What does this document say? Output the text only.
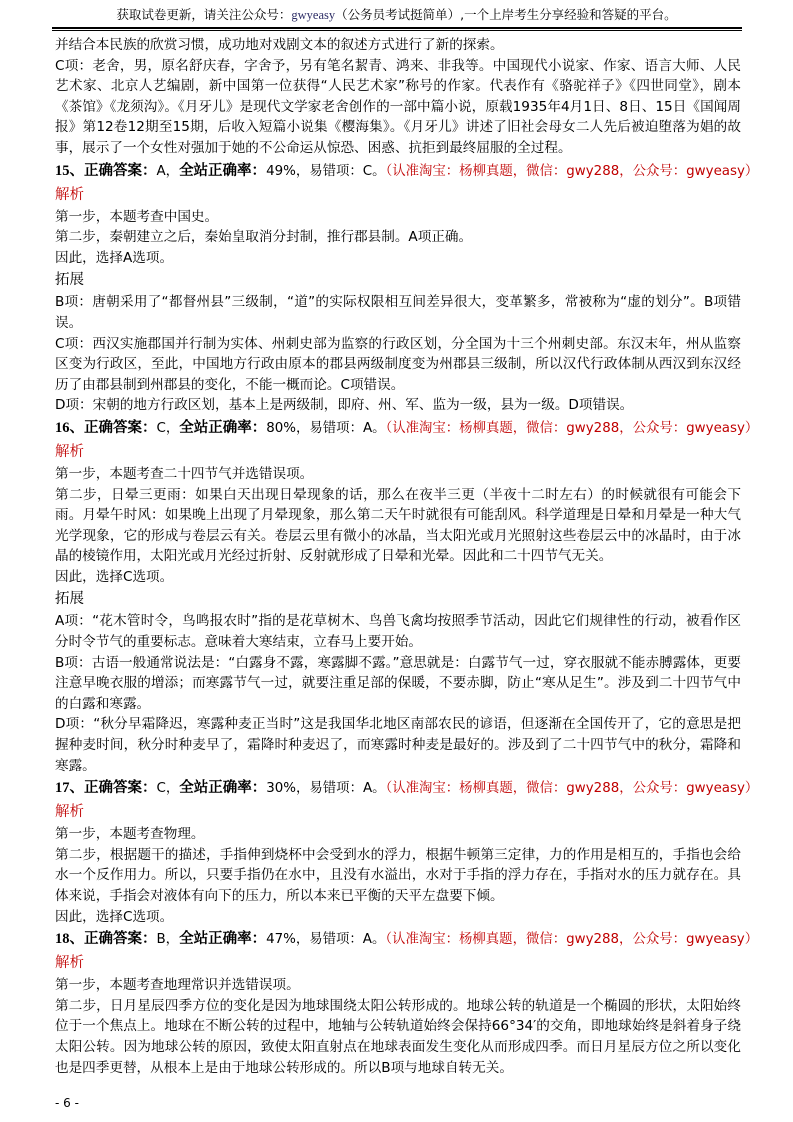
获取试卷更新，请关注公众号：gwyeasy（公务员考试挺简单）,一个上岸考生分享经验和答疑的平台。
并结合本民族的欣赏习惯，成功地对戏剧文本的叙述方式进行了新的探索。
C项：老舍，男，原名舒庆春，字舍予，另有笔名絜青、鸿来、非我等。中国现代小说家、作家、语言大师、人民艺术家、北京人艺编剧，新中国第一位获得“人民艺术家”称号的作家。代表作有《骆驼祥子》《四世同堂》，剧本《茶馆》《龙须沟》。《月牙儿》是现代文学家老舍创作的一部中篇小说，原载1935年4月1日、8日、15日《国闻周报》第12卷12期至15期，后收入短篇小说集《樱海集》。《月牙儿》讲述了旧社会母女二人先后被迫堕落为娼的故事，展示了一个女性对强加于她的不公命运从惊恐、困惑、抗拒到最终屈服的全过程。
15、正确答案：A，全站正确率：49%，易错项：C。（认准淘宝：杨柳真题，微信：gwy288，公众号：gwyeasy）
解析
第一步，本题考查中国史。
第二步，秦朝建立之后，秦始皇取消分封制，推行郡县制。A项正确。
因此，选择A选项。
拓展
B项：唐朝采用了“都督州县”三级制，“道”的实际权限相互间差异很大，变革繁多，常被称为“虚的划分”。B项错误。
C项：西汉实施郡国并行制为实体、州刺史部为监察的行政区划，分全国为十三个州刺史部。东汉末年，州从监察区变为行政区，至此，中国地方行政由原本的郡县两级制度变为州郡县三级制，所以汉代行政体制从西汉到东汉经历了由郡县制到州郡县的变化，不能一概而论。C项错误。
D项：宋朝的地方行政区划，基本上是两级制，即府、州、军、监为一级，县为一级。D项错误。
16、正确答案：C，全站正确率：80%，易错项：A。（认准淘宝：杨柳真题，微信：gwy288，公众号：gwyeasy）
解析
第一步，本题考查二十四节气并选错误项。
第二步，日晕三更雨：如果白天出现日晕现象的话，那么在夜半三更（半夜十二时左右）的时候就很有可能会下雨。月晕午时风：如果晚上出现了月晕现象，那么第二天午时就很有可能刮风。科学道理是日晕和月晕是一种大气光学现象，它的形成与卷层云有关。卷层云里有微小的冰晶，当太阳光或月光照射这些卷层云中的冰晶时，由于冰晶的棱镜作用，太阳光或月光经过折射、反射就形成了日晕和光晕。因此和二十四节气无关。
因此，选择C选项。
拓展
A项：“花木管时令，鸟鸣报农时”指的是花草树木、鸟兽飞禽均按照季节活动，因此它们规律性的行动，被看作区分时令节气的重要标志。意味着大寒结束，立春马上要开始。
B项：古语一般通常说法是：“白露身不露，寒露脚不露。”意思就是：白露节气一过，穿衣服就不能赤膊露体，更要注意早晚衣服的增添；而寒露节气一过，就要注重足部的保暖，不要赤脚，防止“寒从足生”。涉及到二十四节气中的白露和寒露。
D项：“秋分早霜降迟，寒露种麦正当时”这是我国华北地区南部农民的谚语，但逐渐在全国传开了，它的意思是把握种麦时间，秋分时种麦早了，霜降时种麦迟了，而寒露时种麦是最好的。涉及到了二十四节气中的秋分，霜降和寒露。
17、正确答案：C，全站正确率：30%，易错项：A。（认准淘宝：杨柳真题，微信：gwy288，公众号：gwyeasy）
解析
第一步，本题考查物理。
第二步，根据题干的描述，手指伸到烧杯中会受到水的浮力，根据牛顿第三定律，力的作用是相互的，手指也会给水一个反作用力。所以，只要手指仍在水中，且没有水溢出，水对于手指的浮力存在，手指对水的压力就存在。具体来说，手指会对液体有向下的压力，所以本来已平衡的天平左盘要下倾。
因此，选择C选项。
18、正确答案：B，全站正确率：47%，易错项：A。（认准淘宝：杨柳真题，微信：gwy288，公众号：gwyeasy）
解析
第一步，本题考查地理常识并选错误项。
第二步，日月星辰四季方位的变化是因为地球围绕太阳公转形成的。地球公转的轨道是一个椭圆的形状，太阳始终位于一个焦点上。地球在不断公转的过程中，地轴与公转轨道始终会保持66°34′的交角，即地球始终是斜着身子绕太阳公转。因为地球公转的原因，致使太阳直射点在地球表面发生变化从而形成四季。而日月星辰方位之所以变化也是四季更替，从根本上是由于地球公转形成的。所以B项与地球自转无关。
- 6 -
